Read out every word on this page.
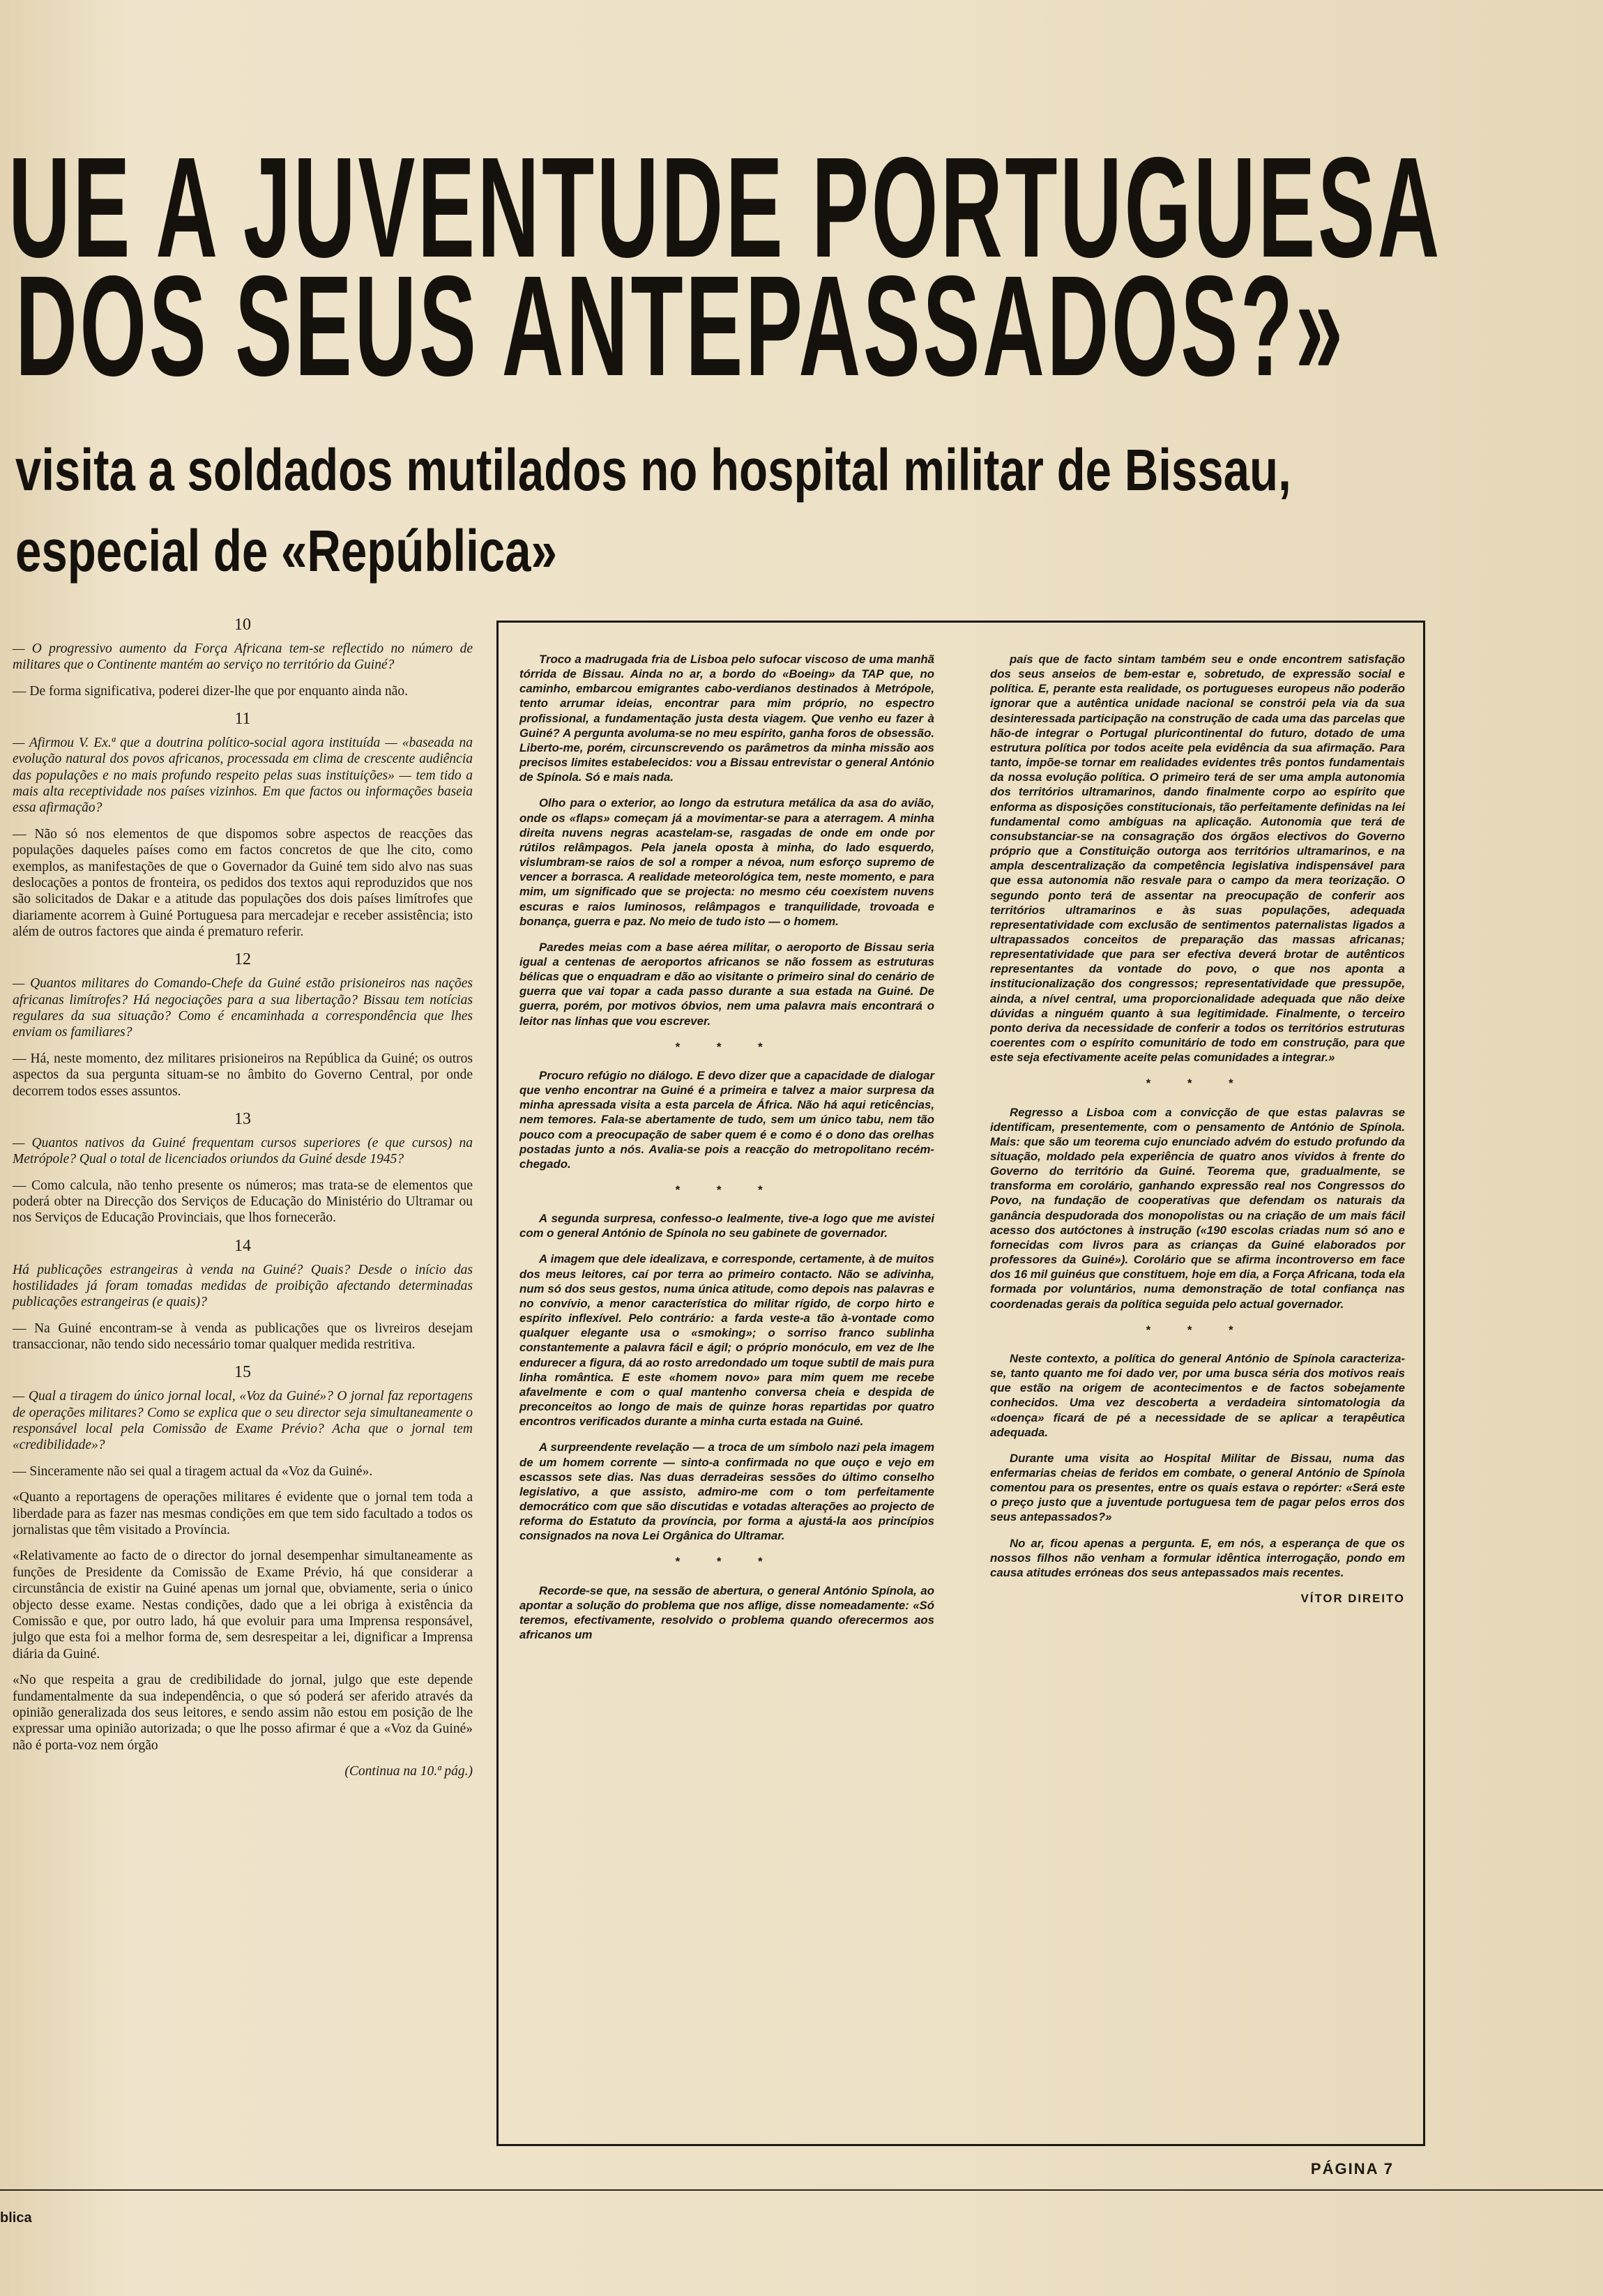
UE A JUVENTUDE PORTUGUESA
DOS SEUS ANTEPASSADOS?»
visita a soldados mutilados no hospital militar de Bissau,
especial de «República»
10

— O progressivo aumento da Força Africana tem-se reflectido no número de militares que o Continente mantém ao serviço no território da Guiné?

— De forma significativa, poderei dizer-lhe que por enquanto ainda não.

11

— Afirmou V. Ex.ª que a doutrina político-social agora instituída — «baseada na evolução natural dos povos africanos, processada em clima de crescente audiência das populações e no mais profundo respeito pelas suas instituições» — tem tido a mais alta receptividade nos países vizinhos. Em que factos ou informações baseia essa afirmação?

— Não só nos elementos de que dispomos sobre aspectos de reacções das populações daqueles países como em factos concretos de que lhe cito, como exemplos, as manifestações de que o Governador da Guiné tem sido alvo nas suas deslocações a pontos de fronteira, os pedidos dos textos aqui reproduzidos que nos são solicitados de Dakar e a atitude das populações dos dois países limítrofes que diariamente acorrem à Guiné Portuguesa para mercadejar e receber assistência; isto além de outros factores que ainda é prematuro referir.

12

— Quantos militares do Comando-Chefe da Guiné estão prisioneiros nas nações africanas limítrofes? Há negociações para a sua libertação? Bissau tem notícias regulares da sua situação? Como é encaminhada a correspondência que lhes enviam os familiares?

— Há, neste momento, dez militares prisioneiros na República da Guiné; os outros aspectos da sua pergunta situam-se no âmbito do Governo Central, por onde decorrem todos esses assuntos.

13

— Quantos nativos da Guiné frequentam cursos superiores (e que cursos) na Metrópole? Qual o total de licenciados oriundos da Guiné desde 1945?

— Como calcula, não tenho presente os números; mas trata-se de elementos que poderá obter na Direcção dos Serviços de Educação do Ministério do Ultramar ou nos Serviços de Educação Provinciais, que lhos fornecerão.

14

Há publicações estrangeiras à venda na Guiné? Quais? Desde o início das hostilidades já foram tomadas medidas de proibição afectando determinadas publicações estrangeiras (e quais)?

— Na Guiné encontram-se à venda as publicações que os livreiros desejam transaccionar, não tendo sido necessário tomar qualquer medida restritiva.

15

— Qual a tiragem do único jornal local, «Voz da Guiné»? O jornal faz reportagens de operações militares? Como se explica que o seu director seja simultaneamente o responsável local pela Comissão de Exame Prévio? Acha que o jornal tem «credibilidade»?

— Sinceramente não sei qual a tiragem actual da «Voz da Guiné».

«Quanto a reportagens de operações militares é evidente que o jornal tem toda a liberdade para as fazer nas mesmas condições em que tem sido facultado a todos os jornalistas que têm visitado a Província.

«Relativamente ao facto de o director do jornal desempenhar simultaneamente as funções de Presidente da Comissão de Exame Prévio, há que considerar a circunstância de existir na Guiné apenas um jornal que, obviamente, seria o único objecto desse exame. Nestas condições, dado que a lei obriga à existência da Comissão e que, por outro lado, há que evoluir para uma Imprensa responsável, julgo que esta foi a melhor forma de, sem desrespeitar a lei, dignificar a Imprensa diária da Guiné.

«No que respeita a grau de credibilidade do jornal, julgo que este depende fundamentalmente da sua independência, o que só poderá ser aferido através da opinião generalizada dos seus leitores, e sendo assim não estou em posição de lhe expressar uma opinião autorizada; o que lhe posso afirmar é que a «Voz da Guiné» não é porta-voz nem órgão

(Continua na 10.ª pág.)

Troco a madrugada fria de Lisboa pelo sufocar viscoso de uma manhã tórrida de Bissau. Ainda no ar, a bordo do «Boeing» da TAP que, no caminho, embarcou emigrantes cabo-verdianos destinados à Metrópole, tento arrumar ideias, encontrar para mim próprio, no espectro profissional, a fundamentação justa desta viagem. Que venho eu fazer à Guiné? A pergunta avoluma-se no meu espírito, ganha foros de obsessão. Liberto-me, porém, circunscrevendo os parâmetros da minha missão aos precisos limites estabelecidos: vou a Bissau entrevistar o general António de Spínola. Só e mais nada.

Olho para o exterior, ao longo da estrutura metálica da asa do avião, onde os «flaps» começam já a movimentar-se para a aterragem. A minha direita nuvens negras acastelam-se, rasgadas de onde em onde por rútilos relâmpagos. Pela janela oposta à minha, do lado esquerdo, vislumbram-se raios de sol a romper a névoa, num esforço supremo de vencer a borrasca. A realidade meteorológica tem, neste momento, e para mim, um significado que se projecta: no mesmo céu coexistem nuvens escuras e raios luminosos, relâmpagos e tranquilidade, trovoada e bonança, guerra e paz. No meio de tudo isto — o homem.

Paredes meias com a base aérea militar, o aeroporto de Bissau seria igual a centenas de aeroportos africanos se não fossem as estruturas bélicas que o enquadram e dão ao visitante o primeiro sinal do cenário de guerra que vai topar a cada passo durante a sua estada na Guiné. De guerra, porém, por motivos óbvios, nem uma palavra mais encontrará o leitor nas linhas que vou escrever.

* * *

Procuro refúgio no diálogo. E devo dizer que a capacidade de dialogar que venho encontrar na Guiné é a primeira e talvez a maior surpresa da minha apressada visita a esta parcela de África. Não há aqui reticências, nem temores. Fala-se abertamente de tudo, sem um único tabu, nem tão pouco com a preocupação de saber quem é e como é o dono das orelhas postadas junto a nós. Avalia-se pois a reacção do metropolitano recém-chegado.

* * *

A segunda surpresa, confesso-o lealmente, tive-a logo que me avistei com o general António de Spínola no seu gabinete de governador.

A imagem que dele idealizava, e corresponde, certamente, à de muitos dos meus leitores, caí por terra ao primeiro contacto. Não se adivinha, num só dos seus gestos, numa única atitude, como depois nas palavras e no convívio, a menor característica do militar rígido, de corpo hirto e espírito inflexível. Pelo contrário: a farda veste-a tão à-vontade como qualquer elegante usa o «smoking»; o sorriso franco sublinha constantemente a palavra fácil e ágil; o próprio monóculo, em vez de lhe endurecer a figura, dá ao rosto arredondado um toque subtil de mais pura linha romântica. E este «homem novo» para mim quem me recebe afavelmente e com o qual mantenho conversa cheia e despida de preconceitos ao longo de mais de quinze horas repartidas por quatro encontros verificados durante a minha curta estada na Guiné.

A surpreendente revelação — a troca de um símbolo nazi pela imagem de um homem corrente — sinto-a confirmada no que ouço e vejo em escassos sete dias. Nas duas derradeiras sessões do último conselho legislativo, a que assisto, admiro-me com o tom perfeitamente democrático com que são discutidas e votadas alterações ao projecto de reforma do Estatuto da província, por forma a ajustá-la aos princípios consignados na nova Lei Orgânica do Ultramar.

* * *

Recorde-se que, na sessão de abertura, o general António Spínola, ao apontar a solução do problema que nos aflige, disse nomeadamente: «Só teremos, efectivamente, resolvido o problema quando oferecermos aos africanos um

país que de facto sintam também seu e onde encontrem satisfação dos seus anseios de bem-estar e, sobretudo, de expressão social e política. E, perante esta realidade, os portugueses europeus não poderão ignorar que a autêntica unidade nacional se constrói pela via da sua desinteressada participação na construção de cada uma das parcelas que hão-de integrar o Portugal pluricontinental do futuro, dotado de uma estrutura política por todos aceite pela evidência da sua afirmação. Para tanto, impõe-se tornar em realidades evidentes três pontos fundamentais da nossa evolução política. O primeiro terá de ser uma ampla autonomia dos territórios ultramarinos, dando finalmente corpo ao espírito que enforma as disposições constitucionais, tão perfeitamente definidas na lei fundamental como ambíguas na aplicação. Autonomia que terá de consubstanciar-se na consagração dos órgãos electivos do Governo próprio que a Constituição outorga aos territórios ultramarinos, e na ampla descentralização da competência legislativa indispensável para que essa autonomia não resvale para o campo da mera teorização. O segundo ponto terá de assentar na preocupação de conferir aos territórios ultramarinos e às suas populações, adequada representatividade com exclusão de sentimentos paternalistas ligados a ultrapassados conceitos de preparação das massas africanas; representatividade que para ser efectiva deverá brotar de autênticos representantes da vontade do povo, o que nos aponta a institucionalização dos congressos; representatividade que pressupõe, ainda, a nível central, uma proporcionalidade adequada que não deixe dúvidas a ninguém quanto à sua legitimidade. Finalmente, o terceiro ponto deriva da necessidade de conferir a todos os territórios estruturas coerentes com o espírito comunitário de todo em construção, para que este seja efectivamente aceite pelas comunidades a integrar.»

* * *

Regresso a Lisboa com a convicção de que estas palavras se identificam, presentemente, com o pensamento de António de Spínola. Mais: que são um teorema cujo enunciado advém do estudo profundo da situação, moldado pela experiência de quatro anos vividos à frente do Governo do território da Guiné. Teorema que, gradualmente, se transforma em corolário, ganhando expressão real nos Congressos do Povo, na fundação de cooperativas que defendam os naturais da ganância despudorada dos monopolistas ou na criação de um mais fácil acesso dos autóctones à instrução («190 escolas criadas num só ano e fornecidas com livros para as crianças da Guiné elaborados por professores da Guiné»). Corolário que se afirma incontroverso em face dos 16 mil guinéus que constituem, hoje em dia, a Força Africana, toda ela formada por voluntários, numa demonstração de total confiança nas coordenadas gerais da política seguida pelo actual governador.

* * *

Neste contexto, a política do general António de Spínola caracteriza-se, tanto quanto me foi dado ver, por uma busca séria dos motivos reais que estão na origem de acontecimentos e de factos sobejamente conhecidos. Uma vez descoberta a verdadeira sintomatologia da «doença» ficará de pé a necessidade de se aplicar a terapêutica adequada.

Durante uma visita ao Hospital Militar de Bissau, numa das enfermarias cheias de feridos em combate, o general António de Spínola comentou para os presentes, entre os quais estava o repórter: «Será este o preço justo que a juventude portuguesa tem de pagar pelos erros dos seus antepassados?»

No ar, ficou apenas a pergunta. E, em nós, a esperança de que os nossos filhos não venham a formular idêntica interrogação, pondo em causa atitudes erróneas dos seus antepassados mais recentes.

VÍTOR DIREITO

blica
PÁGINA 7
